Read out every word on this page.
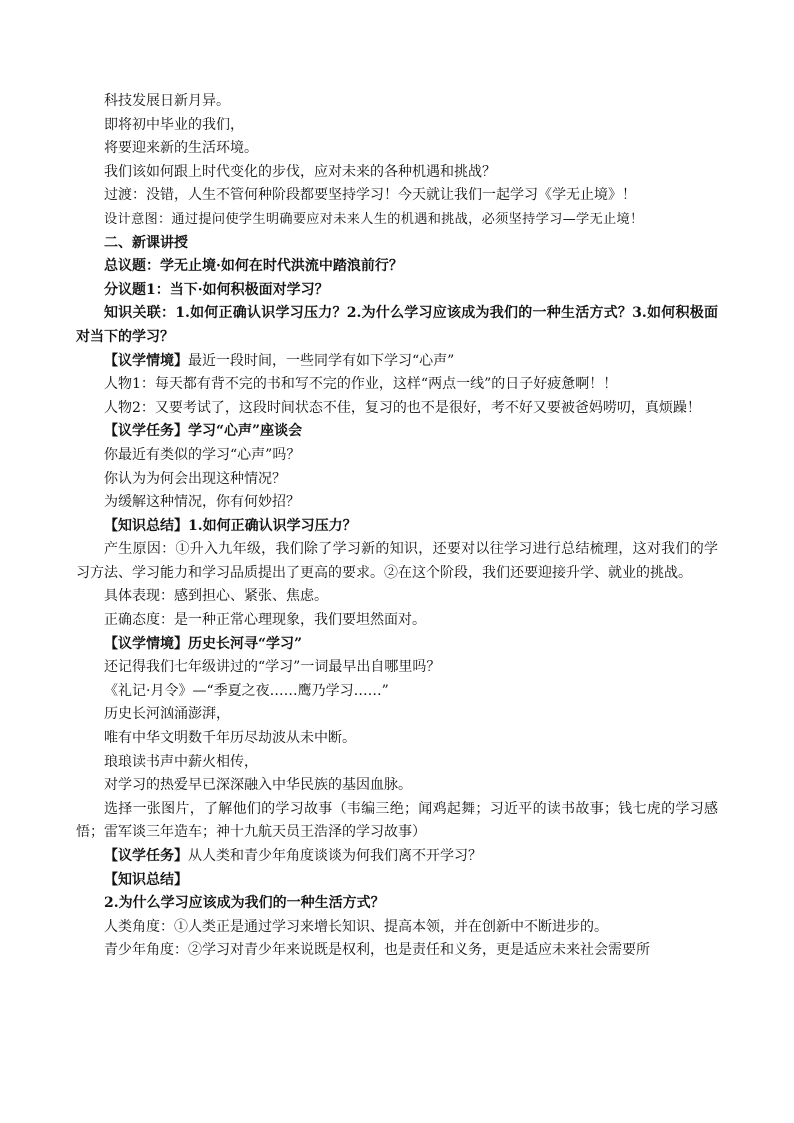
科技发展日新月异。

即将初中毕业的我们，

将要迎来新的生活环境。

我们该如何跟上时代变化的步伐，应对未来的各种机遇和挑战？

过渡：没错，人生不管何种阶段都要坚持学习！今天就让我们一起学习《学无止境》！

设计意图：通过提问使学生明确要应对未来人生的机遇和挑战，必须坚持学习—学无止境！

二、新课讲授

总议题：学无止境·如何在时代洪流中踏浪前行？

分议题1：当下·如何积极面对学习？

知识关联：1.如何正确认识学习压力？2.为什么学习应该成为我们的一种生活方式？3.如何积极面对当下的学习？

【议学情境】最近一段时间，一些同学有如下学习“心声”

人物1：每天都有背不完的书和写不完的作业，这样“两点一线”的日子好疲惫啊！！

人物2：又要考试了，这段时间状态不佳，复习的也不是很好，考不好又要被爸妈唠叨，真烦躁！

【议学任务】学习“心声”座谈会

你最近有类似的学习“心声”吗？

你认为为何会出现这种情况？

为缓解这种情况，你有何妙招？

【知识总结】1.如何正确认识学习压力？

产生原因：①升入九年级，我们除了学习新的知识，还要对以往学习进行总结梳理，这对我们的学习方法、学习能力和学习品质提出了更高的要求。②在这个阶段，我们还要迎接升学、就业的挑战。

具体表现：感到担心、紧张、焦虑。

正确态度：是一种正常心理现象，我们要坦然面对。

【议学情境】历史长河寻“学习”

还记得我们七年级讲过的“学习”一词最早出自哪里吗？

《礼记·月令》—“季夏之夜……鹰乃学习……”

历史长河汹涌澎湃，

唯有中华文明数千年历尽劫波从未中断。

琅琅读书声中薪火相传，

对学习的热爱早已深深融入中华民族的基因血脉。

选择一张图片，了解他们的学习故事（韦编三绝；闻鸡起舞；习近平的读书故事；钱七虎的学习感悟；雷军谈三年造车；神十九航天员王浩泽的学习故事）

【议学任务】从人类和青少年角度谈谈为何我们离不开学习？

【知识总结】

2.为什么学习应该成为我们的一种生活方式？

人类角度：①人类正是通过学习来增长知识、提高本领，并在创新中不断进步的。

青少年角度：②学习对青少年来说既是权利，也是责任和义务，更是适应未来社会需要所
